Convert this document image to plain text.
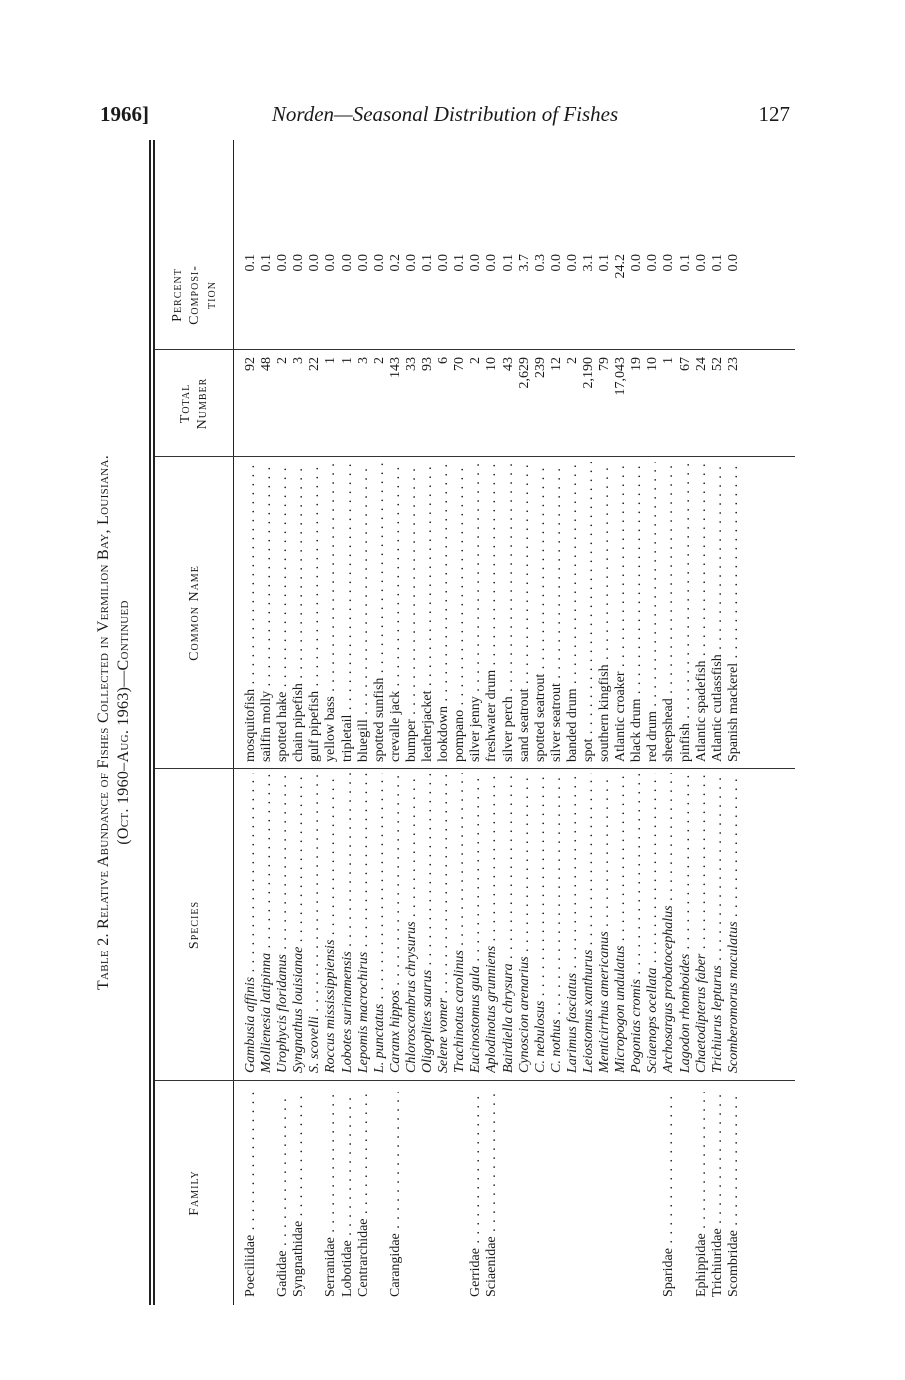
1966]	Norden—Seasonal Distribution of Fishes	127
Table 2. Relative Abundance of Fishes Collected in Vermilion Bay, Louisiana. (Oct. 1960–Aug. 1963)—Continued
Family
Species
Common Name
Total Number
Percent Composi- tion
Poeciliidae . . .
Gambusia affinis . . .
mosquitofish . . .
92
0.1
Mollienesia latipinna . . .
sailfin molly . . .
48
0.1
Gadidae . . .
Urophycis floridanus . . .
spotted hake . . .
2
0.0
Syngnathidae . . .
Syngnathus louisianae . . .
chain pipefish . . .
3
0.0
S. scovelli . . .
gulf pipefish . . .
22
0.0
Serranidae . . .
Roccus mississippiensis . . .
yellow bass . . .
1
0.0
Lobotidae . . .
Lobotes surinamensis . . .
tripletail . . .
1
0.0
Centrarchidae . . .
Lepomis macrochirus . . .
bluegill . . .
3
0.0
L. punctatus . . .
spotted sunfish . . .
2
0.0
Carangidae . . .
Caranx hippos . . .
crevalle jack . . .
143
0.2
Chloroscombrus chrysurus . . .
bumper . . .
33
0.0
Oligoplites saurus . . .
leatherjacket . . .
93
0.1
Selene vomer . . .
lookdown . . .
6
0.0
Trachinotus carolinus . . .
pompano . . .
70
0.1
Gerridae . . .
Eucinostomus gula . . .
silver jenny . . .
2
0.0
Sciaenidae . . .
Aplodinotus grunniens . . .
freshwater drum . . .
10
0.0
Bairdiella chrysura . . .
silver perch . . .
43
0.1
Cynoscion arenarius . . .
sand seatrout . . .
2,629
3.7
C. nebulosus . . .
spotted seatrout . . .
239
0.3
C. nothus . . .
silver seatrout . . .
12
0.0
Larimus fasciatus . . .
banded drum . . .
2
0.0
Leiostomus xanthurus . . .
spot . . .
2,190
3.1
Menticirrhus americanus . . .
southern kingfish . . .
79
0.1
Micropogon undulatus . . .
Atlantic croaker . . .
17,043
24.2
Pogonias cromis . . .
black drum . . .
19
0.0
Sciaenops ocellata . . .
red drum . . .
10
0.0
Sparidae . . .
Archosargus probatocephalus . . .
sheepshead . . .
1
0.0
Lagodon rhomboides . . .
pinfish . . .
67
0.1
Ephippidae . . .
Chaetodipterus faber . . .
Atlantic spadefish . . .
24
0.0
Trichiuridae . . .
Trichiurus lepturus . . .
Atlantic cutlassfish . . .
52
0.1
Scombridae . . .
Scomberomorus maculatus . . .
Spanish mackerel . . .
23
0.0
